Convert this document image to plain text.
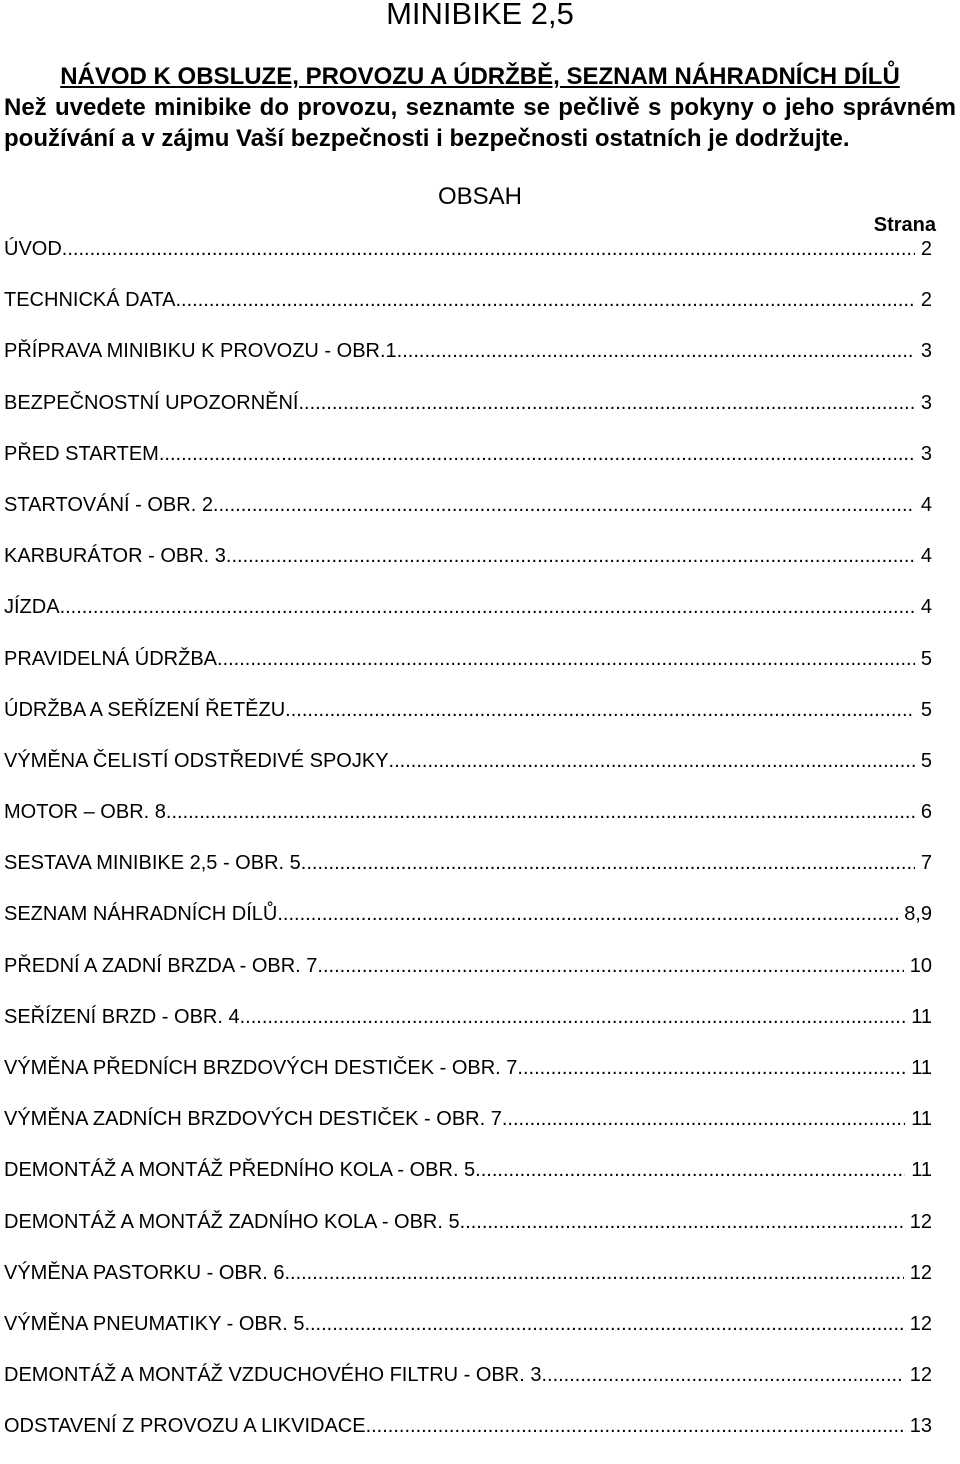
MINIBIKE 2,5
NÁVOD K OBSLUZE, PROVOZU A ÚDRŽBĚ, SEZNAM NÁHRADNÍCH DÍLŮ

Než uvedete minibike do provozu, seznamte se pečlivě s pokyny o jeho správném používání a v zájmu Vaší bezpečnosti i bezpečnosti ostatních je dodržujte.

OBSAH
Strana
ÚVOD .....	2
TECHNICKÁ DATA .....	2
PŘÍPRAVA MINIBIKU K PROVOZU - OBR.1 .....	3
BEZPEČNOSTNÍ UPOZORNĚNÍ .....	3
PŘED STARTEM .....	3
STARTOVÁNÍ - OBR. 2. .....	4
KARBURÁTOR - OBR. 3 .....	4
JÍZDA .....	4
PRAVIDELNÁ ÚDRŽBA .....	5
ÚDRŽBA A SEŘÍZENÍ ŘETĚZU .....	5
VÝMĚNA ČELISTÍ ODSTŘEDIVÉ SPOJKY .....	5
MOTOR – OBR. 8. .....	6
SESTAVA MINIBIKE 2,5 - OBR. 5. .....	7
SEZNAM NÁHRADNÍCH DÍLŮ .....	8,9
PŘEDNÍ A ZADNÍ BRZDA - OBR. 7 .....	10
SEŘÍZENÍ BRZD - OBR. 4 .....	11
VÝMĚNA PŘEDNÍCH BRZDOVÝCH DESTIČEK - OBR. 7 .....	11
VÝMĚNA ZADNÍCH BRZDOVÝCH DESTIČEK - OBR. 7. .....	11
DEMONTÁŽ A MONTÁŽ PŘEDNÍHO KOLA - OBR. 5. .....	11
DEMONTÁŽ A MONTÁŽ ZADNÍHO KOLA - OBR. 5 .....	12
VÝMĚNA PASTORKU - OBR. 6 .....	12
VÝMĚNA PNEUMATIKY - OBR. 5. .....	12
DEMONTÁŽ A MONTÁŽ VZDUCHOVÉHO FILTRU - OBR. 3 .....	12
ODSTAVENÍ Z PROVOZU A LIKVIDACE .....	13
